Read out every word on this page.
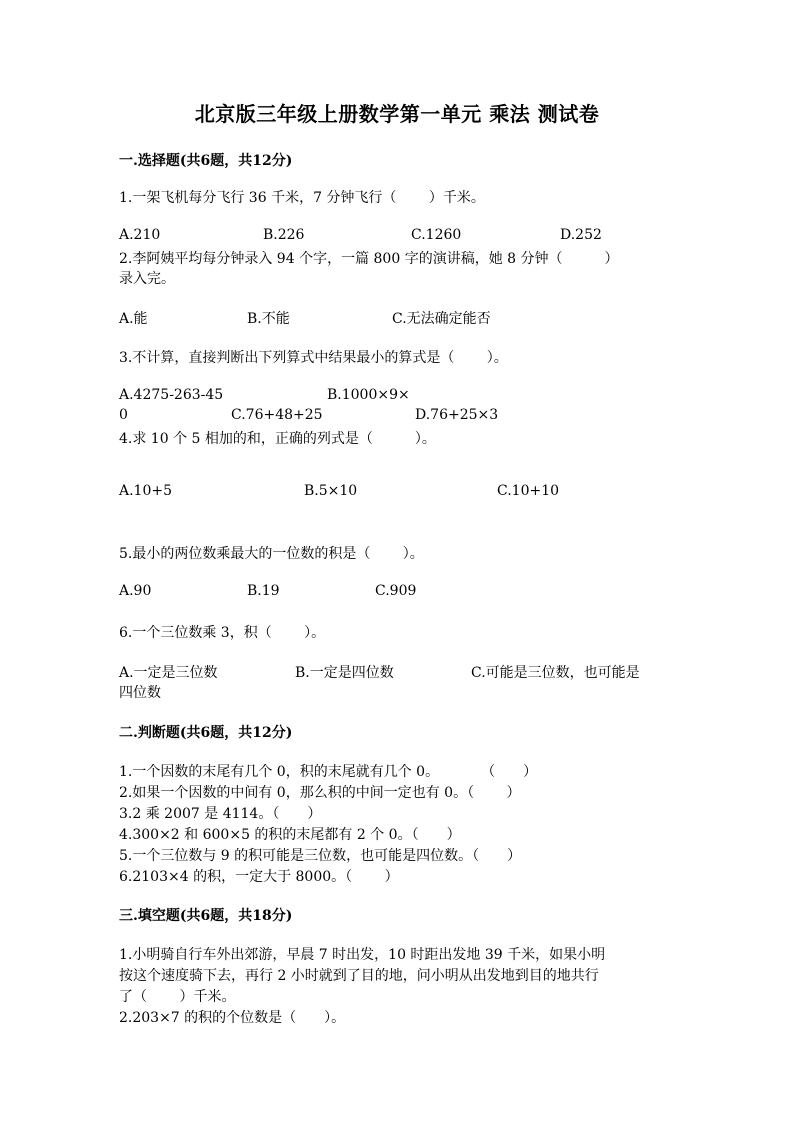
北京版三年级上册数学第一单元 乘法 测试卷
一.选择题(共6题，共12分)
1.一架飞机每分飞行 36 千米，7 分钟飞行（　　 ）千米。
A.210	B.226	C.1260	D.252
2.李阿姨平均每分钟录入 94 个字，一篇 800 字的演讲稿，她 8 分钟（　　　）
录入完。
A.能	B.不能	C.无法确定能否
3.不计算，直接判断出下列算式中结果最小的算式是（　　 ）。
A.4275-263-45	B.1000×9×
0	C.76+48+25	D.76+25×3
4.求 10 个 5 相加的和，正确的列式是（　　　）。
A.10+5	B.5×10	C.10+10
5.最小的两位数乘最大的一位数的积是（　　 ）。
A.90	B.19	C.909
6.一个三位数乘 3，积（　　 ）。
A.一定是三位数	B.一定是四位数	C.可能是三位数，也可能是
四位数
二.判断题(共6题，共12分)
1.一个因数的末尾有几个 0，积的末尾就有几个 0。　　　　（　　）
2.如果一个因数的中间有 0，那么积的中间一定也有 0。（　　 ）
3.2 乘 2007 是 4114。（　　）
4.300×2 和 600×5 的积的末尾都有 2 个 0。（　　）
5.一个三位数与 9 的积可能是三位数，也可能是四位数。（　　）
6.2103×4 的积，一定大于 8000。（　　 ）
三.填空题(共6题，共18分)
1.小明骑自行车外出郊游，早晨 7 时出发，10 时距出发地 39 千米，如果小明
按这个速度骑下去，再行 2 小时就到了目的地，问小明从出发地到目的地共行
了（　　 ）千米。
2.203×7 的积的个位数是（　　）。
